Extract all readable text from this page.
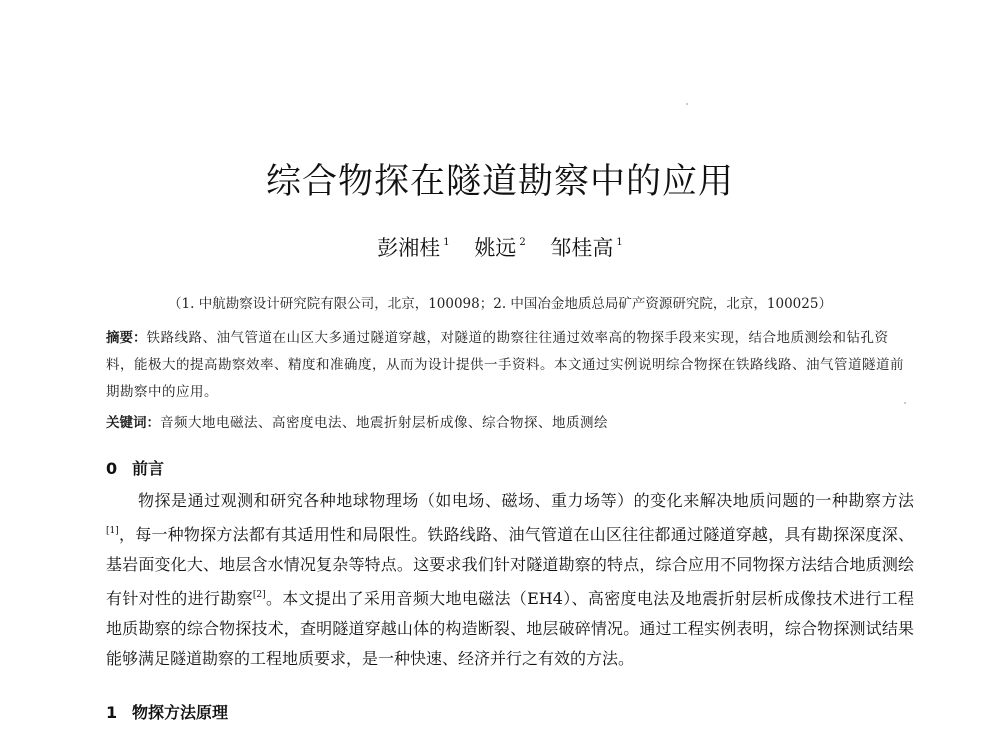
综合物探在隧道勘察中的应用
彭湘桂 $^1$ 姚远 $^2$ 邹桂高 $^1$
（1. 中航勘察设计研究院有限公司，北京，100098；2. 中国冶金地质总局矿产资源研究院，北京，100025）
摘要：铁路线路、油气管道在山区大多通过隧道穿越，对隧道的勘察往往通过效率高的物探手段来实现，结合地质测绘和钻孔资料，能极大的提高勘察效率、精度和准确度，从而为设计提供一手资料。本文通过实例说明综合物探在铁路线路、油气管道隧道前期勘察中的应用。
关键词：音频大地电磁法、高密度电法、地震折射层析成像、综合物探、地质测绘
0 前言
物探是通过观测和研究各种地球物理场（如电场、磁场、重力场等）的变化来解决地质问题的一种勘察方法[1]，每一种物探方法都有其适用性和局限性。铁路线路、油气管道在山区往往都通过隧道穿越，具有勘探深度深、基岩面变化大、地层含水情况复杂等特点。这要求我们针对隧道勘察的特点，综合应用不同物探方法结合地质测绘有针对性的进行勘察[2]。本文提出了采用音频大地电磁法（EH4）、高密度电法及地震折射层析成像技术进行工程地质勘察的综合物探技术，查明隧道穿越山体的构造断裂、地层破碎情况。通过工程实例表明，综合物探测试结果能够满足隧道勘察的工程地质要求，是一种快速、经济并行之有效的方法。
1 物探方法原理
